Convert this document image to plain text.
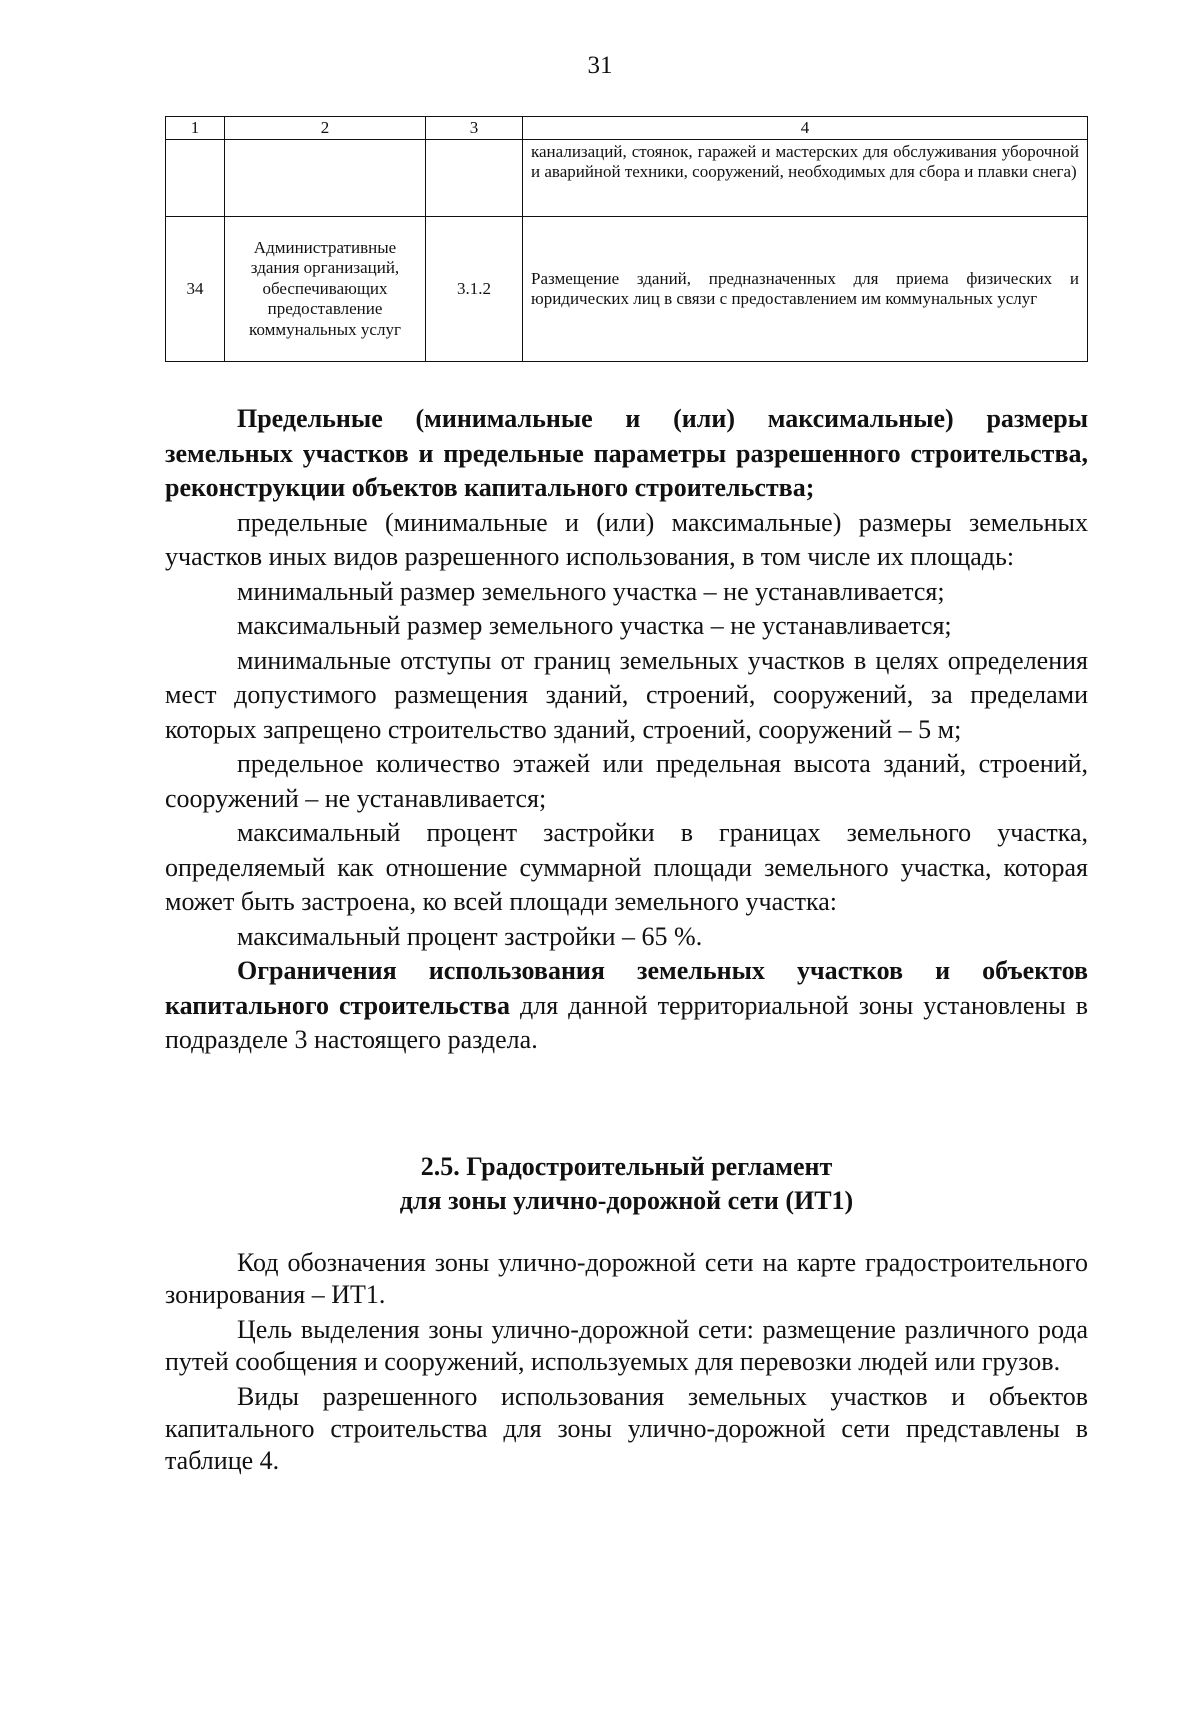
31
1	2	3	4
			канализаций, стоянок, гаражей и мастерских для обслуживания уборочной и аварийной техники, сооружений, необходимых для сбора и плавки снега)
34	Административные здания организаций, обеспечивающих предоставление коммунальных услуг	3.1.2	Размещение зданий, предназначенных для приема физических и юридических лиц в связи с предоставлением им коммунальных услуг

Предельные (минимальные и (или) максимальные) размеры земельных участков и предельные параметры разрешенного строительства, реконструкции объектов капитального строительства;

предельные (минимальные и (или) максимальные) размеры земельных участков иных видов разрешенного использования, в том числе их площадь:

минимальный размер земельного участка – не устанавливается;

максимальный размер земельного участка – не устанавливается;

минимальные отступы от границ земельных участков в целях определения мест допустимого размещения зданий, строений, сооружений, за пределами которых запрещено строительство зданий, строений, сооружений – 5 м;

предельное количество этажей или предельная высота зданий, строений, сооружений – не устанавливается;

максимальный процент застройки в границах земельного участка, определяемый как отношение суммарной площади земельного участка, которая может быть застроена, ко всей площади земельного участка:

максимальный процент застройки – 65 %.

Ограничения использования земельных участков и объектов капитального строительства для данной территориальной зоны установлены в подразделе 3 настоящего раздела.

2.5. Градостроительный регламент
для зоны улично-дорожной сети (ИТ1)

Код обозначения зоны улично-дорожной сети на карте градостроительного зонирования – ИТ1.

Цель выделения зоны улично-дорожной сети: размещение различного рода путей сообщения и сооружений, используемых для перевозки людей или грузов.

Виды разрешенного использования земельных участков и объектов капитального строительства для зоны улично-дорожной сети представлены в таблице 4.
